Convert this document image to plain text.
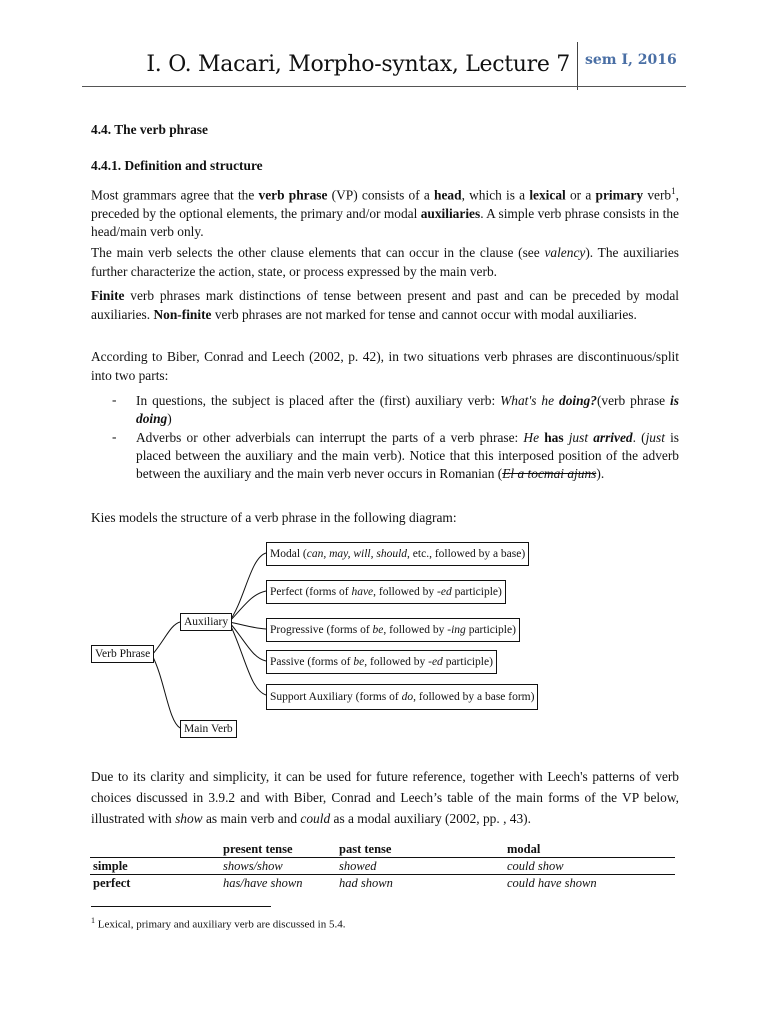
I. O. Macari, Morpho-syntax, Lecture 7 sem I, 2016
4.4. The verb phrase
4.4.1. Definition and structure
Most grammars agree that the verb phrase (VP) consists of a head, which is a lexical or a primary verb$^1$, preceded by the optional elements, the primary and/or modal auxiliaries. A simple verb phrase consists in the head/main verb only.
The main verb selects the other clause elements that can occur in the clause (see valency). The auxiliaries further characterize the action, state, or process expressed by the main verb.
Finite verb phrases mark distinctions of tense between present and past and can be preceded by modal auxiliaries. Non-finite verb phrases are not marked for tense and cannot occur with modal auxiliaries.
According to Biber, Conrad and Leech (2002, p. 42), in two situations verb phrases are discontinuous/split into two parts:
- In questions, the subject is placed after the (first) auxiliary verb: What's he doing?(verb phrase is doing)
- Adverbs or other adverbials can interrupt the parts of a verb phrase: He has just arrived. (just is placed between the auxiliary and the main verb). Notice that this interposed position of the adverb between the auxiliary and the main verb never occurs in Romanian (El a tocmai ajuns).
Kies models the structure of a verb phrase in the following diagram:
Verb Phrase
Auxiliary
Main Verb
Modal (can, may, will, should, etc., followed by a base)
Perfect (forms of have, followed by -ed participle)
Progressive (forms of be, followed by -ing participle)
Passive (forms of be, followed by -ed participle)
Support Auxiliary (forms of do, followed by a base form)
Due to its clarity and simplicity, it can be used for future reference, together with Leech's patterns of verb choices discussed in 3.9.2 and with Biber, Conrad and Leech’s table of the main forms of the VP below, illustrated with show as main verb and could as a modal auxiliary (2002, pp. , 43).
	present tense	past tense	modal
simple	shows/show	showed	could show
perfect	has/have shown	had shown	could have shown
$^1$ Lexical, primary and auxiliary verb are discussed in 5.4.
